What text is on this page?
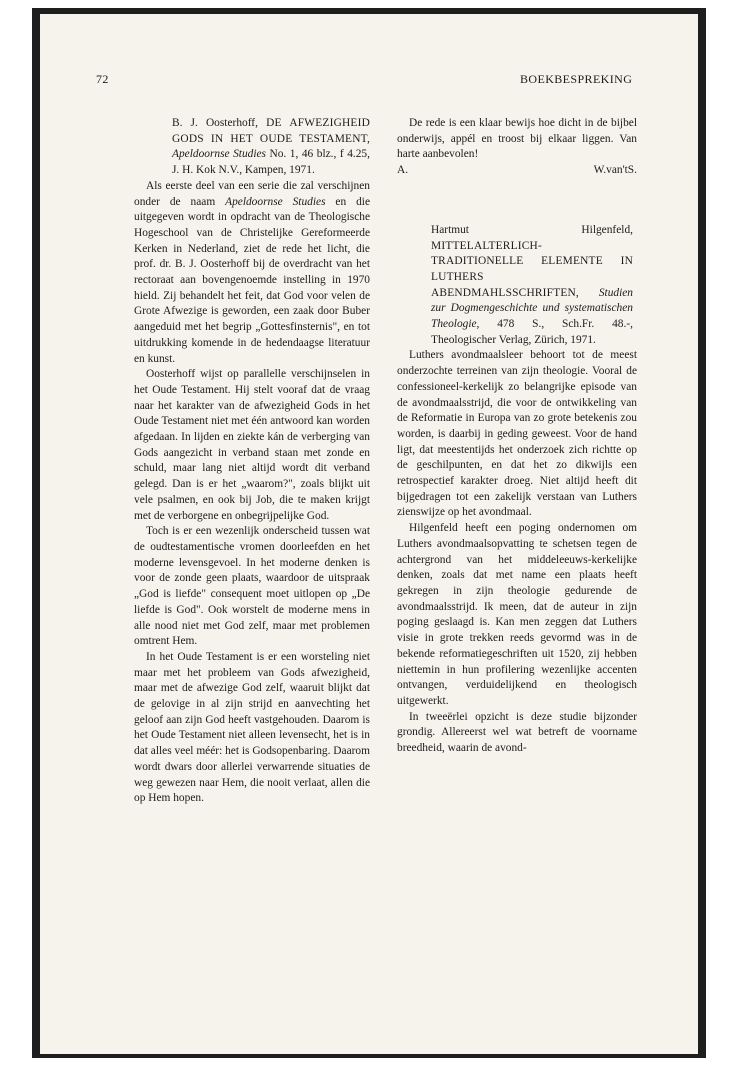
72	BOEKBESPREKING
B. J. Oosterhoff, DE AFWEZIGHEID GODS IN HET OUDE TESTAMENT, Apeldoornse Studies No. 1, 46 blz., f 4.25, J. H. Kok N.V., Kampen, 1971.

Als eerste deel van een serie die zal verschijnen onder de naam Apeldoornse Studies en die uitgegeven wordt in opdracht van de Theologische Hogeschool van de Christelijke Gereformeerde Kerken in Nederland, ziet de rede het licht, die prof. dr. B. J. Oosterhoff bij de overdracht van het rectoraat aan bovengenoemde instelling in 1970 hield. Zij behandelt het feit, dat God voor velen de Grote Afwezige is geworden, een zaak door Buber aangeduid met het begrip „Gottesfinsternis", en tot uitdrukking komende in de hedendaagse literatuur en kunst.

Oosterhoff wijst op parallelle verschijnselen in het Oude Testament. Hij stelt vooraf dat de vraag naar het karakter van de afwezigheid Gods in het Oude Testament niet met één antwoord kan worden afgedaan. In lijden en ziekte kán de verberging van Gods aangezicht in verband staan met zonde en schuld, maar lang niet altijd wordt dit verband gelegd. Dan is er het „waarom?", zoals blijkt uit vele psalmen, en ook bij Job, die te maken krijgt met de verborgene en onbegrijpelijke God.

Toch is er een wezenlijk onderscheid tussen wat de oudtestamentische vromen doorleefden en het moderne levensgevoel. In het moderne denken is voor de zonde geen plaats, waardoor de uitspraak „God is liefde" consequent moet uitlopen op „De liefde is God". Ook worstelt de moderne mens in alle nood niet met God zelf, maar met problemen omtrent Hem.

In het Oude Testament is er een worsteling niet maar met het probleem van Gods afwezigheid, maar met de afwezige God zelf, waaruit blijkt dat de gelovige in al zijn strijd en aanvechting het geloof aan zijn God heeft vastgehouden. Daarom is het Oude Testament niet alleen levensecht, het is in dat alles veel méér: het is Godsopenbaring. Daarom wordt dwars door allerlei verwarrende situaties de weg gewezen naar Hem, die nooit verlaat, allen die op Hem hopen.

De rede is een klaar bewijs hoe dicht in de bijbel onderwijs, appél en troost bij elkaar liggen. Van harte aanbevolen!

A.	W.van'tS.
Hartmut Hilgenfeld, MITTELALTERLICH-TRADITIONELLE ELEMENTE IN LUTHERS ABENDMAHLSSCHRIFTEN, Studien zur Dogmengeschichte und systematischen Theologie, 478 S., Sch.Fr. 48.-, Theologischer Verlag, Zürich, 1971.

Luthers avondmaalsleer behoort tot de meest onderzochte terreinen van zijn theologie. Vooral de confessioneel-kerkelijk zo belangrijke episode van de avondmaalsstrijd, die voor de ontwikkeling van de Reformatie in Europa van zo grote betekenis zou worden, is daarbij in geding geweest. Voor de hand ligt, dat meestentijds het onderzoek zich richtte op de geschilpunten, en dat het zo dikwijls een retrospectief karakter droeg. Niet altijd heeft dit bijgedragen tot een zakelijk verstaan van Luthers zienswijze op het avondmaal.

Hilgenfeld heeft een poging ondernomen om Luthers avondmaalsopvatting te schetsen tegen de achtergrond van het middeleeuws-kerkelijke denken, zoals dat met name een plaats heeft gekregen in zijn theologie gedurende de avondmaalsstrijd. Ik meen, dat de auteur in zijn poging geslaagd is. Kan men zeggen dat Luthers visie in grote trekken reeds gevormd was in de bekende reformatiegeschriften uit 1520, zij hebben niettemin in hun profilering wezenlijke accenten ontvangen, verduidelijkend en theologisch uitgewerkt.

In tweeërlei opzicht is deze studie bijzonder grondig. Allereerst wel wat betreft de voorname breedheid, waarin de avond-
